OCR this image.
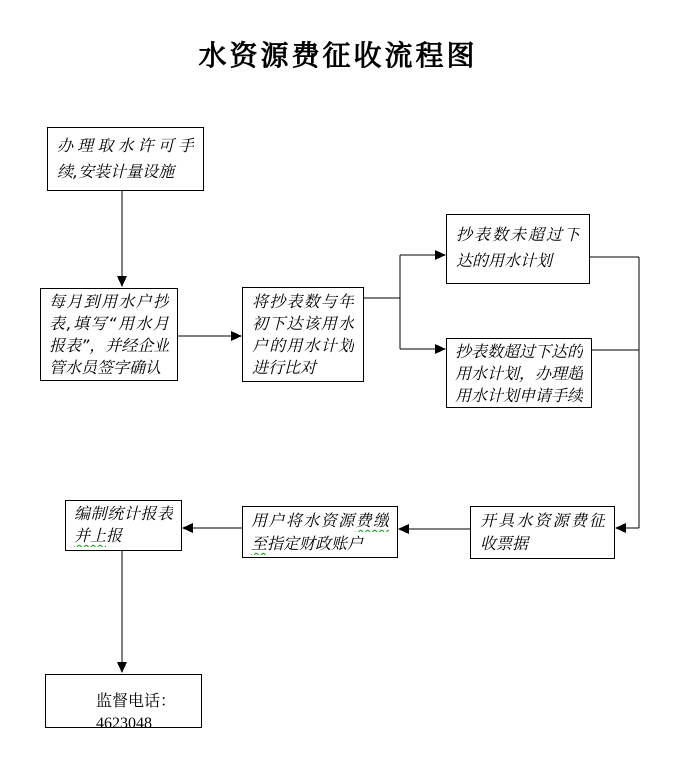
水资源费征收流程图
办理取水许可手
续,安装计量设施
每月到用水户抄
表,填写“用水月
报表”，并经企业
管水员签字确认
将抄表数与年
初下达该用水
户的用水计划
进行比对
抄表数未超过下
达的用水计划
抄表数超过下达的
用水计划，办理超
用水计划申请手续
开具水资源费征
收票据
用户将水资源费缴
至指定财政账户
编制统计报表
并上报
监督电话：4623048
